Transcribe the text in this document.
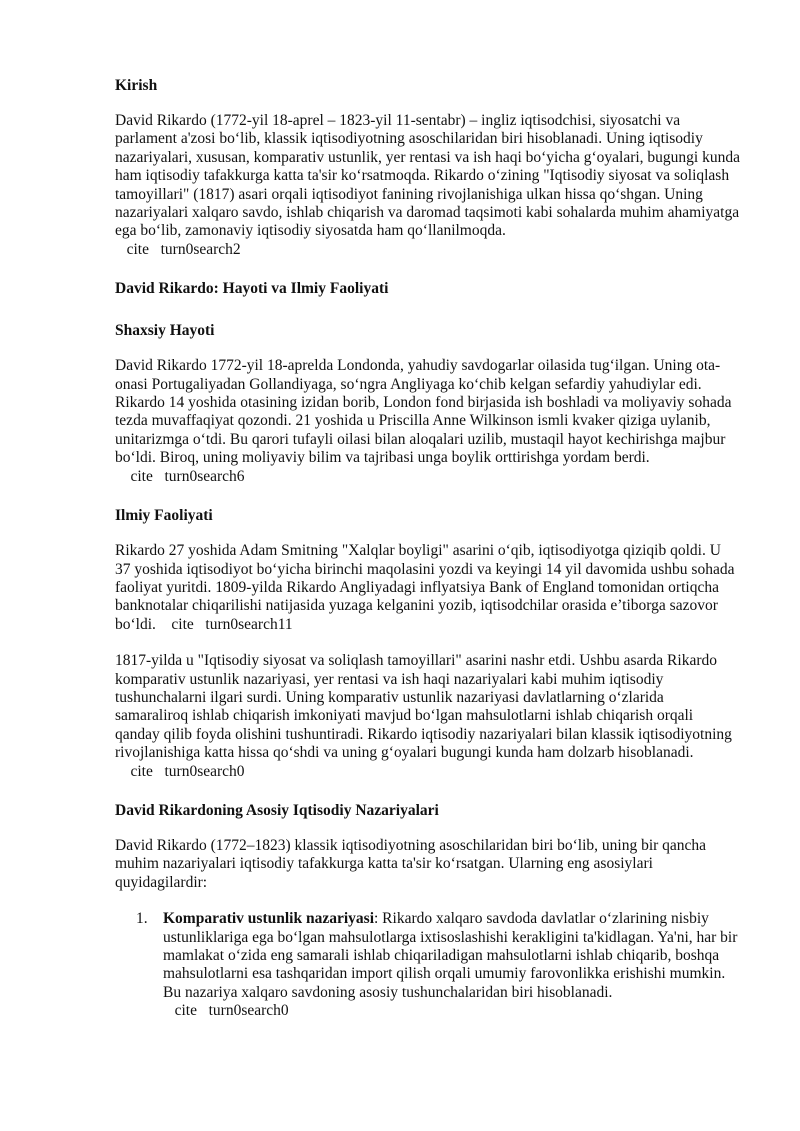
Kirish

David Rikardo (1772-yil 18-aprel – 1823-yil 11-sentabr) – ingliz iqtisodchisi, siyosatchi va parlament a'zosi bo‘lib, klassik iqtisodiyotning asoschilaridan biri hisoblanadi. Uning iqtisodiy nazariyalari, xususan, komparativ ustunlik, yer rentasi va ish haqi bo‘yicha g‘oyalari, bugungi kunda ham iqtisodiy tafakkurga katta ta'sir ko‘rsatmoqda. Rikardo o‘zining "Iqtisodiy siyosat va soliqlash tamoyillari" (1817) asari orqali iqtisodiyot fanining rivojlanishiga ulkan hissa qo‘shgan. Uning nazariyalari xalqaro savdo, ishlab chiqarish va daromad taqsimoti kabi sohalarda muhim ahamiyatga ega bo‘lib, zamonaviy iqtisodiy siyosatda ham qo‘llanilmoqda.
cite   turn0search2

David Rikardo: Hayoti va Ilmiy Faoliyati
Shaxsiy Hayoti

David Rikardo 1772-yil 18-aprelda Londonda, yahudiy savdogarlar oilasida tug‘ilgan. Uning ota-onasi Portugaliyadan Gollandiyaga, so‘ngra Angliyaga ko‘chib kelgan sefardiy yahudiylar edi. Rikardo 14 yoshida otasining izidan borib, London fond birjasida ish boshladi va moliyaviy sohada tezda muvaffaqiyat qozondi. 21 yoshida u Priscilla Anne Wilkinson ismli kvaker qiziga uylanib, unitarizmga o‘tdi. Bu qarori tufayli oilasi bilan aloqalari uzilib, mustaqil hayot kechirishga majbur bo‘ldi. Biroq, uning moliyaviy bilim va tajribasi unga boylik orttirishga yordam berdi.    cite   turn0search6

Ilmiy Faoliyati

Rikardo 27 yoshida Adam Smitning "Xalqlar boyligi" asarini o‘qib, iqtisodiyotga qiziqib qoldi. U 37 yoshida iqtisodiyot bo‘yicha birinchi maqolasini yozdi va keyingi 14 yil davomida ushbu sohada faoliyat yuritdi. 1809-yilda Rikardo Angliyadagi inflyatsiya Bank of England tomonidan ortiqcha banknotalar chiqarilishi natijasida yuzaga kelganini yozib, iqtisodchilar orasida e’tiborga sazovor bo‘ldi.    cite   turn0search11

1817-yilda u "Iqtisodiy siyosat va soliqlash tamoyillari" asarini nashr etdi. Ushbu asarda Rikardo komparativ ustunlik nazariyasi, yer rentasi va ish haqi nazariyalari kabi muhim iqtisodiy tushunchalarni ilgari surdi. Uning komparativ ustunlik nazariyasi davlatlarning o‘zlarida samaraliroq ishlab chiqarish imkoniyati mavjud bo‘lgan mahsulotlarni ishlab chiqarish orqali qanday qilib foyda olishini tushuntiradi. Rikardo iqtisodiy nazariyalari bilan klassik iqtisodiyotning rivojlanishiga katta hissa qo‘shdi va uning g‘oyalari bugungi kunda ham dolzarb hisoblanadi.    cite   turn0search0

David Rikardoning Asosiy Iqtisodiy Nazariyalari

David Rikardo (1772–1823) klassik iqtisodiyotning asoschilaridan biri bo‘lib, uning bir qancha muhim nazariyalari iqtisodiy tafakkurga katta ta'sir ko‘rsatgan. Ularning eng asosiylari quyidagilardir:

1. Komparativ ustunlik nazariyasi: Rikardo xalqaro savdoda davlatlar o‘zlarining nisbiy ustunliklariga ega bo‘lgan mahsulotlarga ixtisoslashishi kerakligini ta'kidlagan. Ya'ni, har bir mamlakat o‘zida eng samarali ishlab chiqariladigan mahsulotlarni ishlab chiqarib, boshqa mahsulotlarni esa tashqaridan import qilish orqali umumiy farovonlikka erishishi mumkin. Bu nazariya xalqaro savdoning asosiy tushunchalaridan biri hisoblanadi.
cite   turn0search0
